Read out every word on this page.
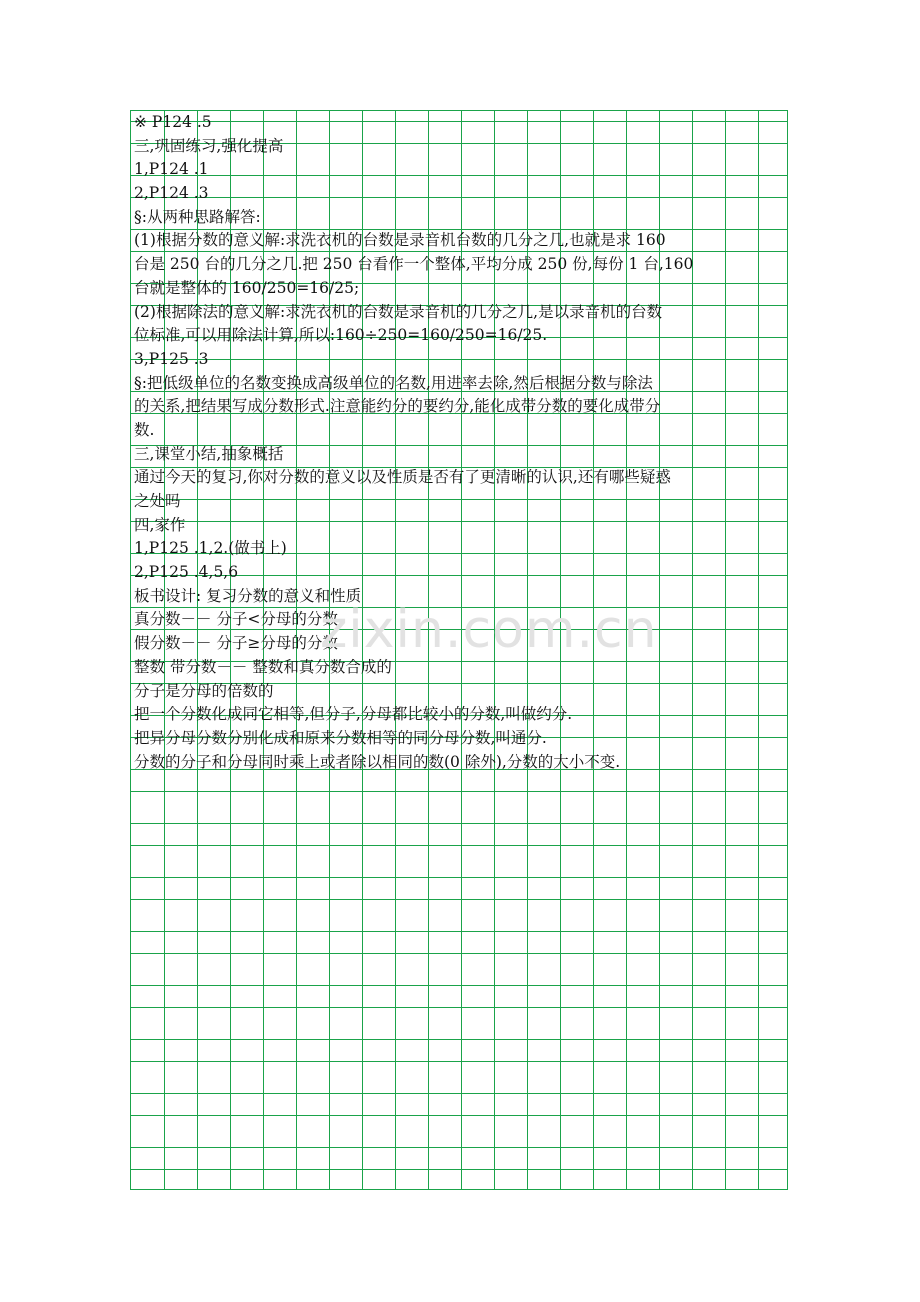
※ P124 .5
三,巩固练习,强化提高
1,P124 .1
2,P124 .3
§:从两种思路解答:
(1)根据分数的意义解:求洗衣机的台数是录音机台数的几分之几,也就是求 160
台是 250 台的几分之几.把 250 台看作一个整体,平均分成 250 份,每份 1 台,160
台就是整体的 160/250=16/25;
(2)根据除法的意义解:求洗衣机的台数是录音机的几分之几,是以录音机的台数
位标准,可以用除法计算,所以:160÷250=160/250=16/25.
3,P125 .3
§:把低级单位的名数变换成高级单位的名数,用进率去除,然后根据分数与除法
的关系,把结果写成分数形式.注意能约分的要约分,能化成带分数的要化成带分
数.
三,课堂小结,抽象概括
通过今天的复习,你对分数的意义以及性质是否有了更清晰的认识,还有哪些疑惑
之处吗
四,家作
1,P125 .1,2.(做书上)
2,P125 .4,5,6
板书设计: 复习分数的意义和性质
真分数－－ 分子<分母的分数
假分数－－ 分子≥分母的分数
整数 带分数－－ 整数和真分数合成的
分子是分母的倍数的
把一个分数化成同它相等,但分子,分母都比较小的分数,叫做约分.
把异分母分数分别化成和原来分数相等的同分母分数,叫通分.
分数的分子和分母同时乘上或者除以相同的数(0 除外),分数的大小不变.
zixin.com.cn
